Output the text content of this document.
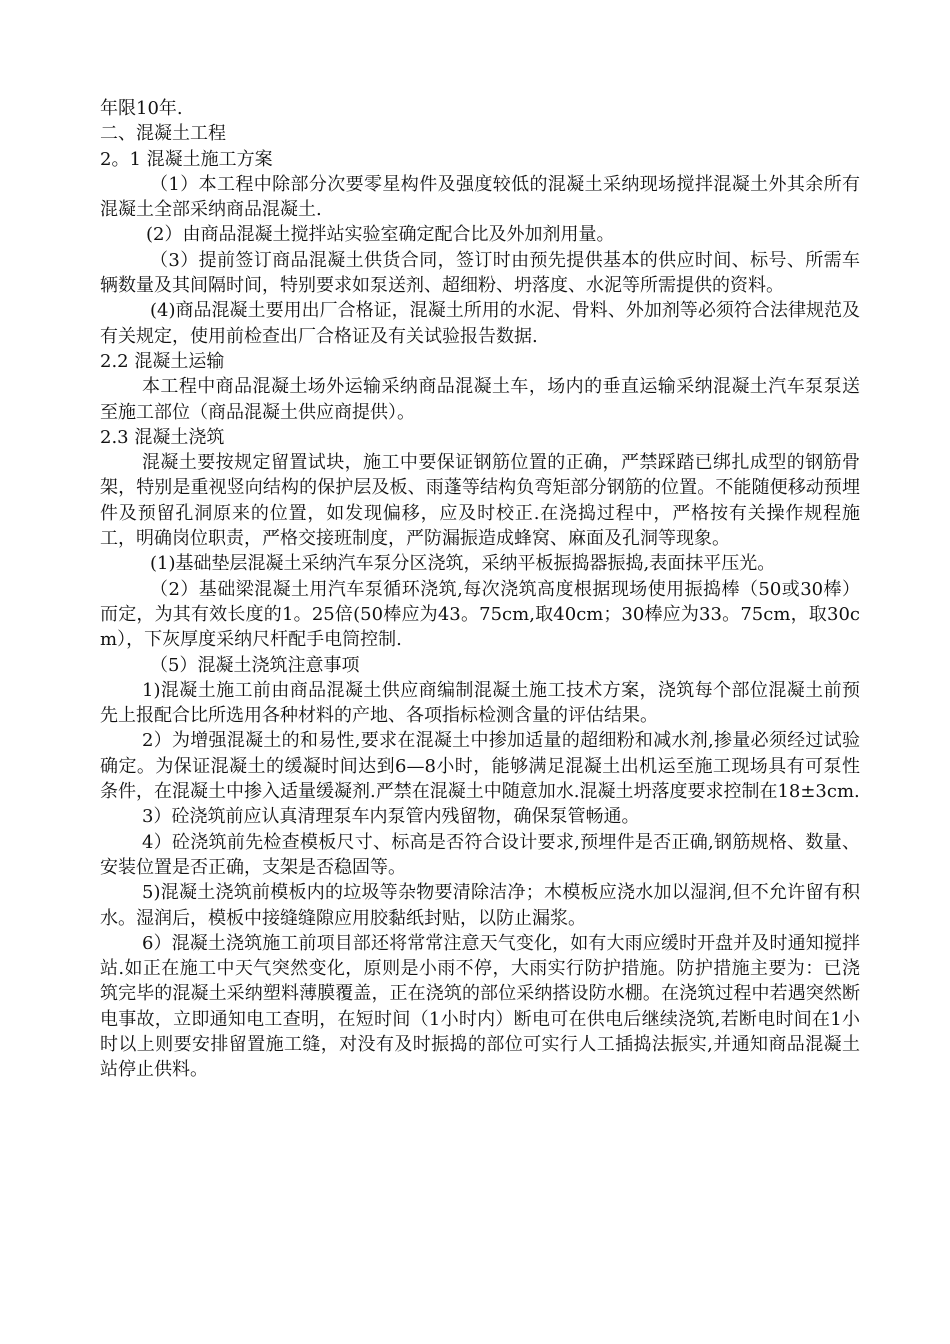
年限10年.

二、混凝土工程

2。1 混凝土施工方案

（1）本工程中除部分次要零星构件及强度较低的混凝土采纳现场搅拌混凝土外其余所有混凝土全部采纳商品混凝土.

(2）由商品混凝土搅拌站实验室确定配合比及外加剂用量。

（3）提前签订商品混凝土供货合同，签订时由预先提供基本的供应时间、标号、所需车辆数量及其间隔时间，特别要求如泵送剂、超细粉、坍落度、水泥等所需提供的资料。

(4)商品混凝土要用出厂合格证，混凝土所用的水泥、骨料、外加剂等必须符合法律规范及有关规定，使用前检查出厂合格证及有关试验报告数据.

2.2 混凝土运输

本工程中商品混凝土场外运输采纳商品混凝土车，场内的垂直运输采纳混凝土汽车泵泵送至施工部位（商品混凝土供应商提供）。

2.3 混凝土浇筑

混凝土要按规定留置试块，施工中要保证钢筋位置的正确，严禁踩踏已绑扎成型的钢筋骨架，特别是重视竖向结构的保护层及板、雨蓬等结构负弯矩部分钢筋的位置。不能随便移动预埋件及预留孔洞原来的位置，如发现偏移，应及时校正.在浇捣过程中，严格按有关操作规程施工，明确岗位职责，严格交接班制度，严防漏振造成蜂窝、麻面及孔洞等现象。

(1)基础垫层混凝土采纳汽车泵分区浇筑，采纳平板振捣器振捣,表面抹平压光。

（2）基础梁混凝土用汽车泵循环浇筑,每次浇筑高度根据现场使用振捣棒（50或30棒）而定，为其有效长度的1。25倍(50棒应为43。75cm,取40cm；30棒应为33。75cm，取30cm），下灰厚度采纳尺杆配手电筒控制.

（5）混凝土浇筑注意事项

1)混凝土施工前由商品混凝土供应商编制混凝土施工技术方案，浇筑每个部位混凝土前预先上报配合比所选用各种材料的产地、各项指标检测含量的评估结果。

2）为增强混凝土的和易性,要求在混凝土中掺加适量的超细粉和减水剂,掺量必须经过试验确定。为保证混凝土的缓凝时间达到6—8小时，能够满足混凝土出机运至施工现场具有可泵性条件，在混凝土中掺入适量缓凝剂.严禁在混凝土中随意加水.混凝土坍落度要求控制在18±3cm.

3）砼浇筑前应认真清理泵车内泵管内残留物，确保泵管畅通。

4）砼浇筑前先检查模板尺寸、标高是否符合设计要求,预埋件是否正确,钢筋规格、数量、安装位置是否正确，支架是否稳固等。

5)混凝土浇筑前模板内的垃圾等杂物要清除洁净；木模板应浇水加以湿润,但不允许留有积水。湿润后，模板中接缝缝隙应用胶黏纸封贴，以防止漏浆。

6）混凝土浇筑施工前项目部还将常常注意天气变化，如有大雨应缓时开盘并及时通知搅拌站.如正在施工中天气突然变化，原则是小雨不停，大雨实行防护措施。防护措施主要为：已浇筑完毕的混凝土采纳塑料薄膜覆盖，正在浇筑的部位采纳搭设防水棚。在浇筑过程中若遇突然断电事故，立即通知电工查明，在短时间（1小时内）断电可在供电后继续浇筑,若断电时间在1小时以上则要安排留置施工缝，对没有及时振捣的部位可实行人工插捣法振实,并通知商品混凝土站停止供料。
